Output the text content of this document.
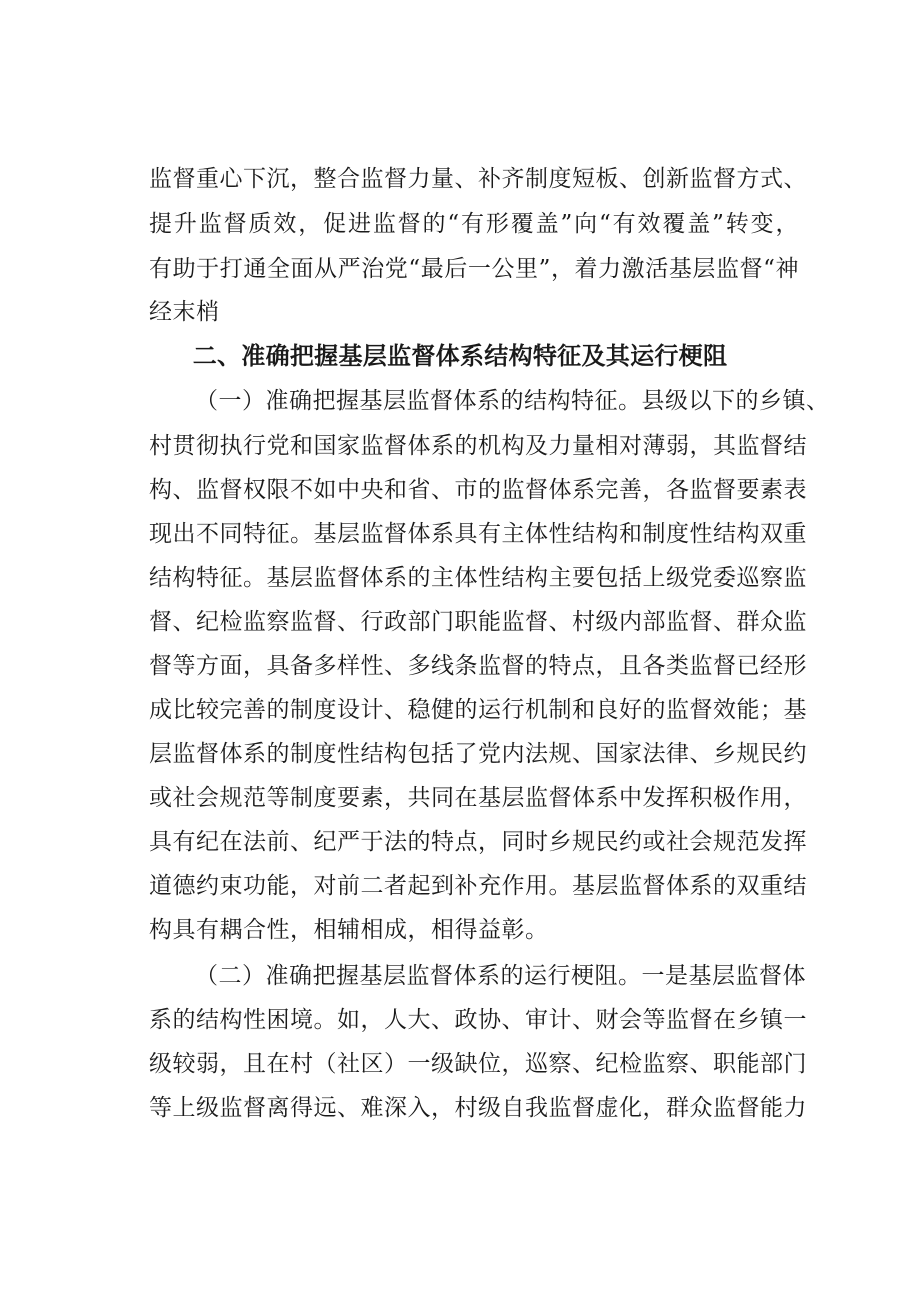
监督重心下沉，整合监督力量、补齐制度短板、创新监督方式、
提升监督质效，促进监督的“有形覆盖”向“有效覆盖”转变，
有助于打通全面从严治党“最后一公里”，着力激活基层监督“神
经末梢
二、准确把握基层监督体系结构特征及其运行梗阻
（一）准确把握基层监督体系的结构特征。县级以下的乡镇、
村贯彻执行党和国家监督体系的机构及力量相对薄弱，其监督结
构、监督权限不如中央和省、市的监督体系完善，各监督要素表
现出不同特征。基层监督体系具有主体性结构和制度性结构双重
结构特征。基层监督体系的主体性结构主要包括上级党委巡察监
督、纪检监察监督、行政部门职能监督、村级内部监督、群众监
督等方面，具备多样性、多线条监督的特点，且各类监督已经形
成比较完善的制度设计、稳健的运行机制和良好的监督效能；基
层监督体系的制度性结构包括了党内法规、国家法律、乡规民约
或社会规范等制度要素，共同在基层监督体系中发挥积极作用，
具有纪在法前、纪严于法的特点，同时乡规民约或社会规范发挥
道德约束功能，对前二者起到补充作用。基层监督体系的双重结
构具有耦合性，相辅相成，相得益彰。
（二）准确把握基层监督体系的运行梗阻。一是基层监督体
系的结构性困境。如，人大、政协、审计、财会等监督在乡镇一
级较弱，且在村（社区）一级缺位，巡察、纪检监察、职能部门
等上级监督离得远、难深入，村级自我监督虚化，群众监督能力
